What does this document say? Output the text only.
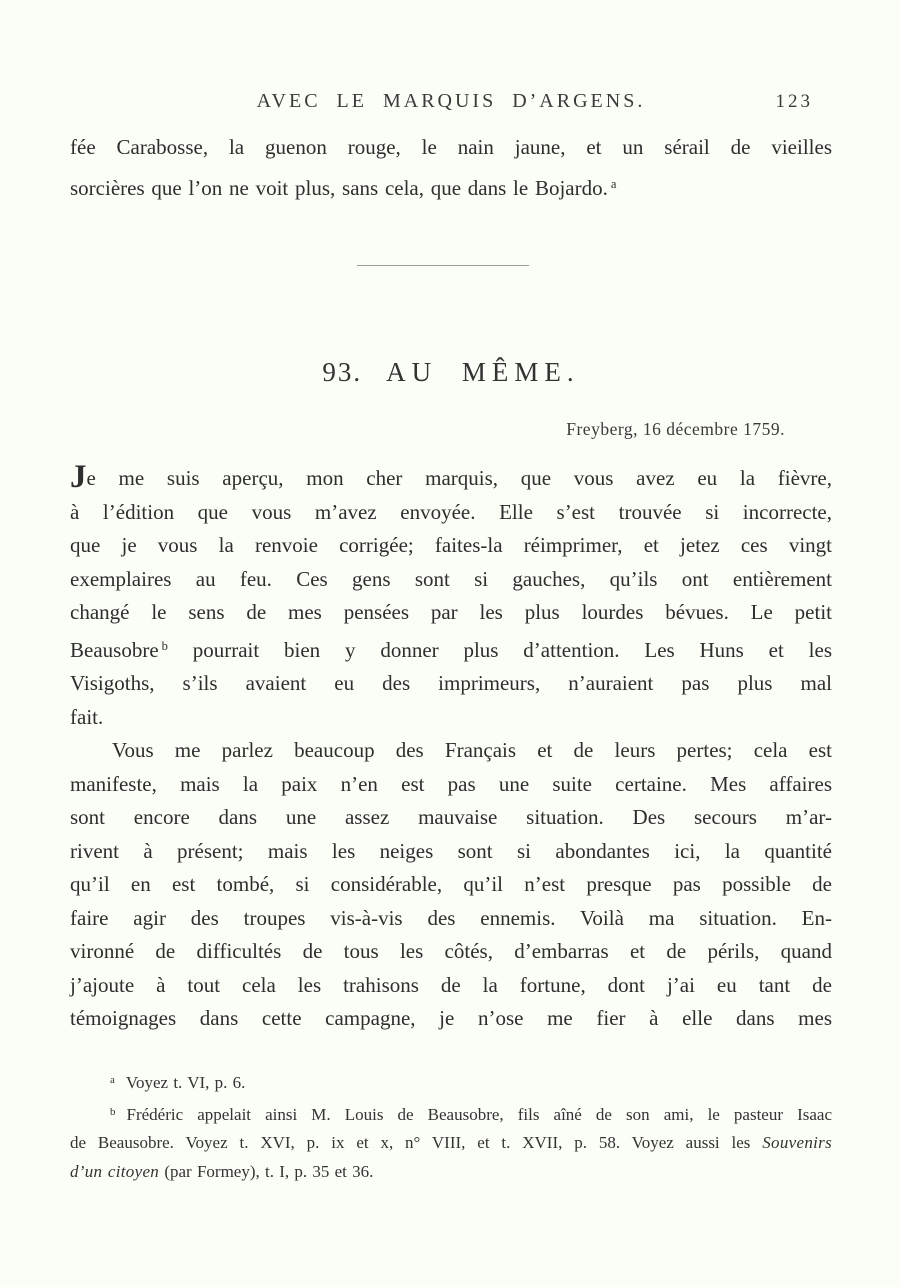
AVEC LE MARQUIS D’ARGENS.	123
fée Carabosse, la guenon rouge, le nain jaune, et un sérail de vieilles
sorcières que l’on ne voit plus, sans cela, que dans le Bojardo. $^a$
93. AU MÊME.
Freyberg, 16 décembre 1759.
Je me suis aperçu, mon cher marquis, que vous avez eu la fièvre,
à l’édition que vous m’avez envoyée. Elle s’est trouvée si incorrecte,
que je vous la renvoie corrigée; faites-la réimprimer, et jetez ces vingt
exemplaires au feu. Ces gens sont si gauches, qu’ils ont entièrement
changé le sens de mes pensées par les plus lourdes bévues. Le petit
Beausobre $^b$ pourrait bien y donner plus d’attention. Les Huns et les
Visigoths, s’ils avaient eu des imprimeurs, n’auraient pas plus mal
fait.
Vous me parlez beaucoup des Français et de leurs pertes; cela est
manifeste, mais la paix n’en est pas une suite certaine. Mes affaires
sont encore dans une assez mauvaise situation. Des secours m’ar-
rivent à présent; mais les neiges sont si abondantes ici, la quantité
qu’il en est tombé, si considérable, qu’il n’est presque pas possible de
faire agir des troupes vis-à-vis des ennemis. Voilà ma situation. En-
vironné de difficultés de tous les côtés, d’embarras et de périls, quand
j’ajoute à tout cela les trahisons de la fortune, dont j’ai eu tant de
témoignages dans cette campagne, je n’ose me fier à elle dans mes
$^a$ Voyez t. VI, p. 6.
$^b$ Frédéric appelait ainsi M. Louis de Beausobre, fils aîné de son ami, le pasteur Isaac
de Beausobre. Voyez t. XVI, p. ix et x, n° VIII, et t. XVII, p. 58. Voyez aussi les Souvenirs
d’un citoyen (par Formey), t. I, p. 35 et 36.
